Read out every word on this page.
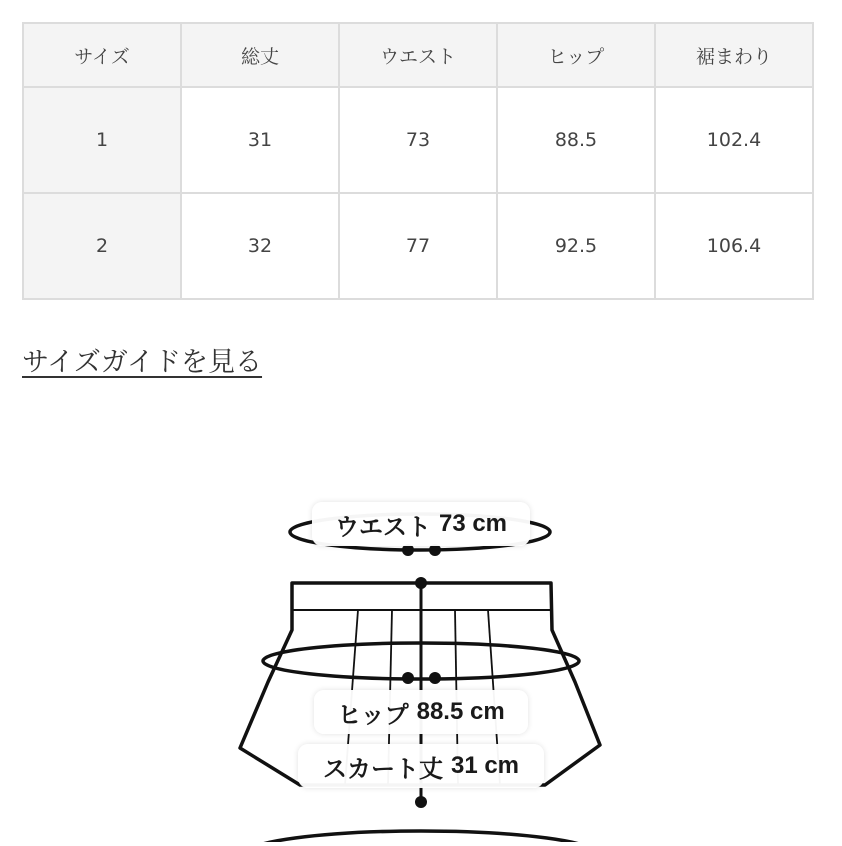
サイズ	総丈	ウエスト	ヒップ	裾まわり
1	31	73	88.5	102.4
2	32	77	92.5	106.4
サイズガイドを見る
ウエスト 73 cm
ヒップ 88.5 cm
スカート丈 31 cm
